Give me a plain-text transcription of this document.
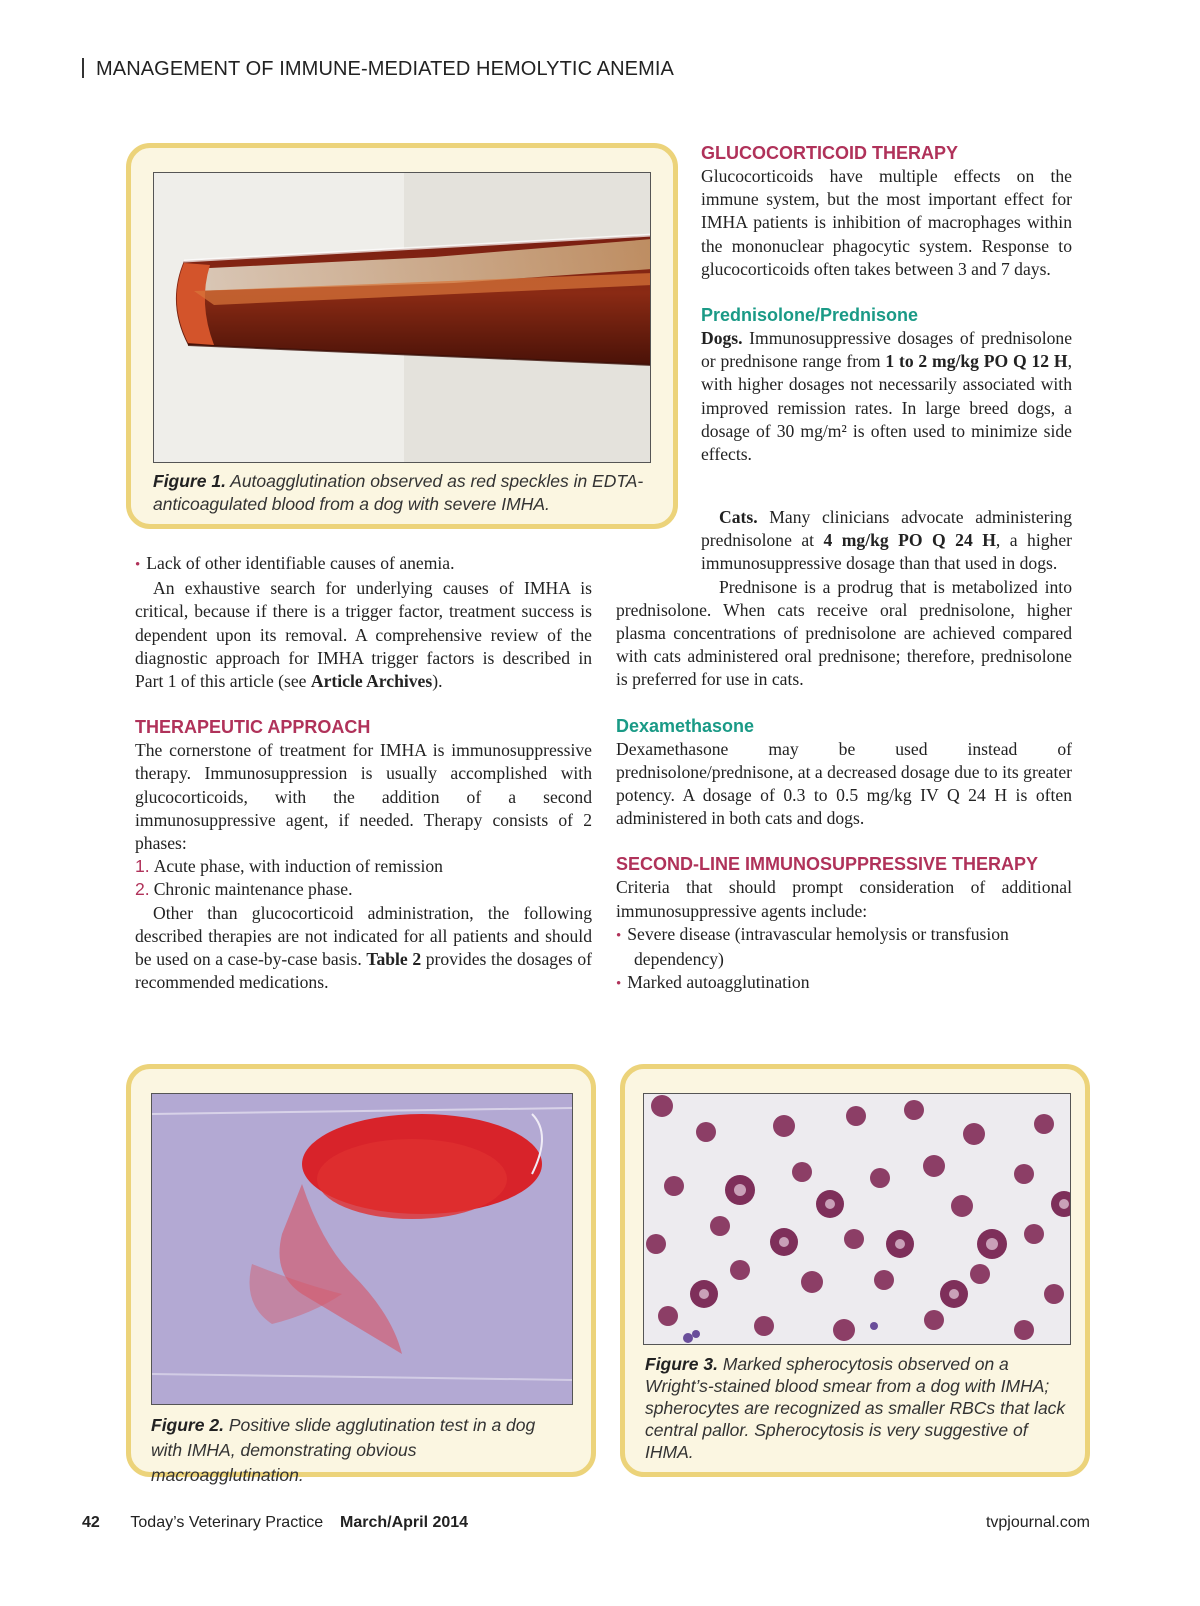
MANAGEMENT OF IMMUNE-MEDIATED HEMOLYTIC ANEMIA
Figure 1. Autoagglutination observed as red speckles in EDTA-anticoagulated blood from a dog with severe IMHA.

• Lack of other identifiable causes of anemia.

An exhaustive search for underlying causes of IMHA is critical, because if there is a trigger factor, treatment success is dependent upon its removal. A comprehensive review of the diagnostic approach for IMHA trigger factors is described in Part 1 of this article (see Article Archives).

THERAPEUTIC APPROACH

The cornerstone of treatment for IMHA is immunosuppressive therapy. Immunosuppression is usually accomplished with glucocorticoids, with the addition of a second immunosuppressive agent, if needed. Therapy consists of 2 phases:

1. Acute phase, with induction of remission

2. Chronic maintenance phase.

Other than glucocorticoid administration, the following described therapies are not indicated for all patients and should be used on a case-by-case basis. Table 2 provides the dosages of recommended medications.

GLUCOCORTICOID THERAPY

Glucocorticoids have multiple effects on the immune system, but the most important effect for IMHA patients is inhibition of macrophages within the mononuclear phagocytic system. Response to glucocorticoids often takes between 3 and 7 days.

Prednisolone/Prednisone

Dogs. Immunosuppressive dosages of prednisolone or prednisone range from 1 to 2 mg/kg PO Q 12 H, with higher dosages not necessarily associated with improved remission rates. In large breed dogs, a dosage of 30 mg/m² is often used to minimize side effects.

Cats. Many clinicians advocate administering prednisolone at 4 mg/kg PO Q 24 H, a higher immunosuppressive dosage than that used in dogs.

Prednisone is a prodrug that is metabolized into prednisolone. When cats receive oral prednisolone, higher plasma concentrations of prednisolone are achieved compared with cats administered oral prednisone; therefore, prednisolone is preferred for use in cats.

Dexamethasone

Dexamethasone may be used instead of prednisolone/prednisone, at a decreased dosage due to its greater potency. A dosage of 0.3 to 0.5 mg/kg IV Q 24 H is often administered in both cats and dogs.

SECOND-LINE IMMUNOSUPPRESSIVE THERAPY

Criteria that should prompt consideration of additional immunosuppressive agents include:

• Severe disease (intravascular hemolysis or transfusion dependency)

• Marked autoagglutination

Figure 2. Positive slide agglutination test in a dog with IMHA, demonstrating obvious macroagglutination.
Figure 3. Marked spherocytosis observed on a Wright’s-stained blood smear from a dog with IMHA; spherocytes are recognized as smaller RBCs that lack central pallor. Spherocytosis is very suggestive of IHMA.
42 Today’s Veterinary Practice March/April 2014	tvpjournal.com
